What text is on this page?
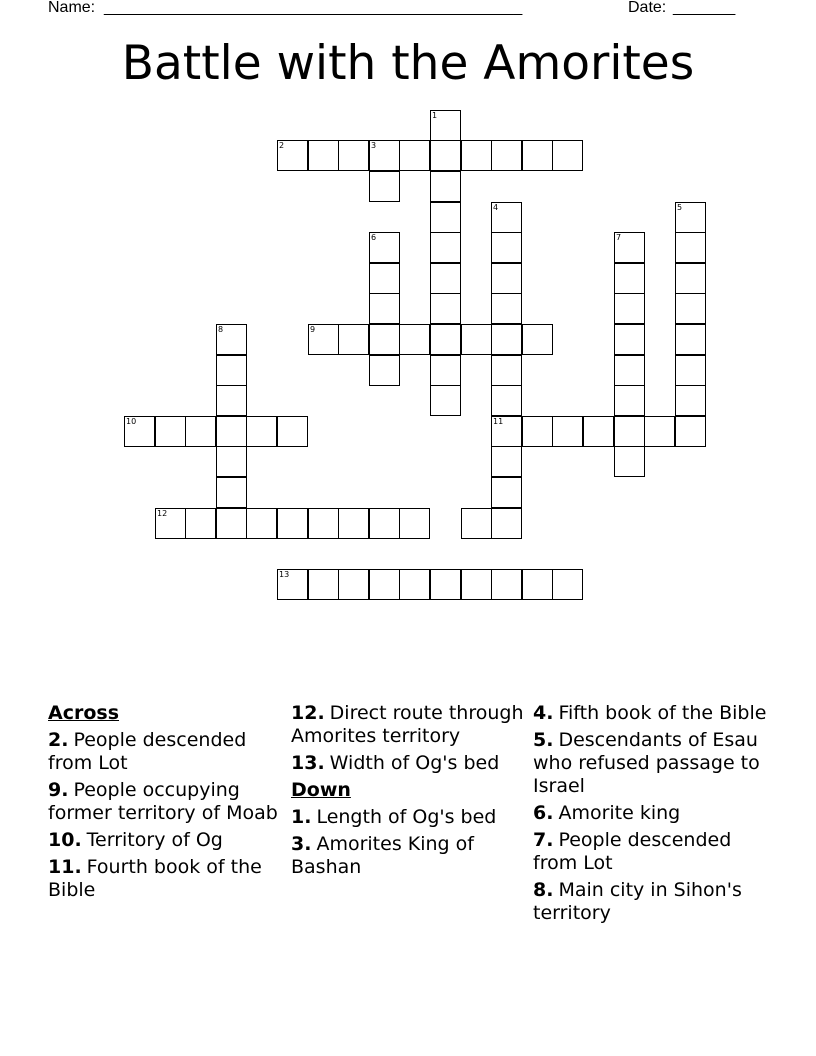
Name: _______________________________________________	Date: _______
Battle with the Amorites
1
2	3
4	5
6	7
8	9
10	11
12
13
Across
2. People descended from Lot
9. People occupying former territory of Moab
10. Territory of Og
11. Fourth book of the Bible
12. Direct route through Amorites territory
13. Width of Og's bed
Down
1. Length of Og's bed
3. Amorites King of Bashan
4. Fifth book of the Bible
5. Descendants of Esau who refused passage to Israel
6. Amorite king
7. People descended from Lot
8. Main city in Sihon's territory
